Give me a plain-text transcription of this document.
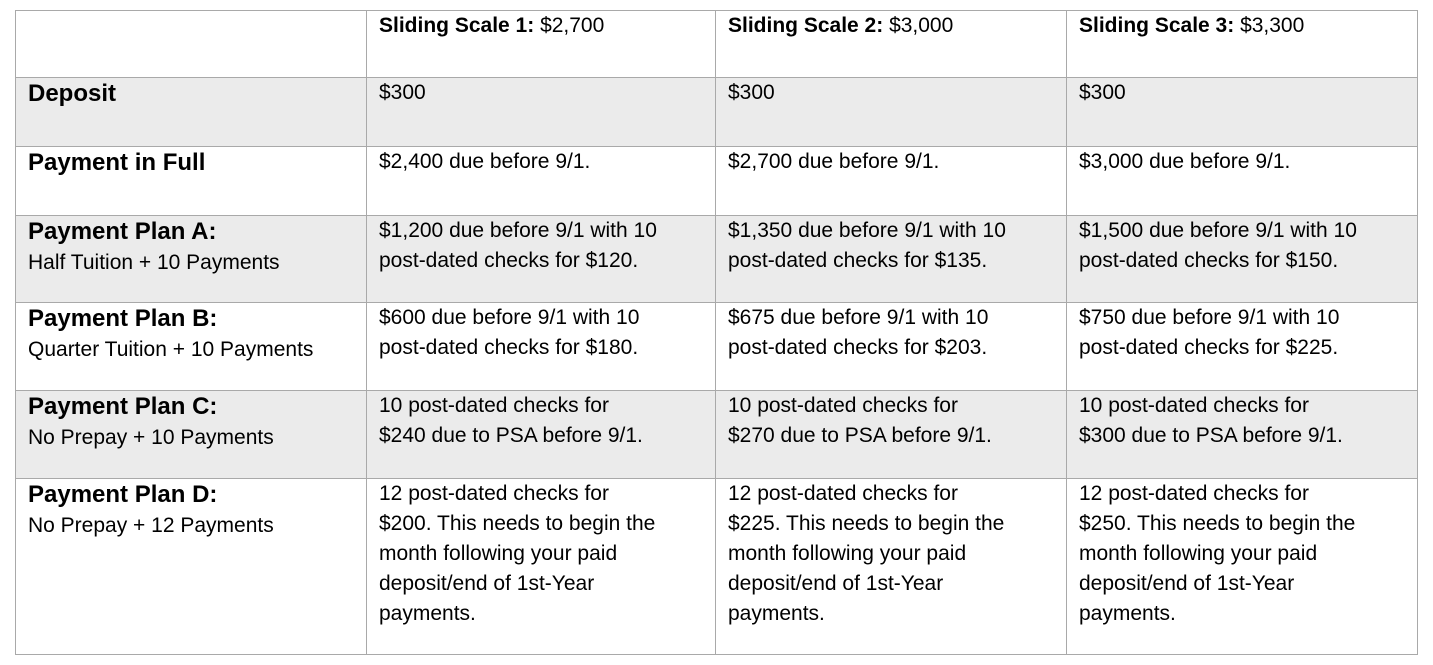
	Sliding Scale 1: $2,700	Sliding Scale 2: $3,000	Sliding Scale 3: $3,300

Deposit	$300	$300	$300

Payment in Full	$2,400 due before 9/1.	$2,700 due before 9/1.	$3,000 due before 9/1.

Payment Plan A:
Half Tuition + 10 Payments	$1,200 due before 9/1 with 10
post-dated checks for $120.	$1,350 due before 9/1 with 10
post-dated checks for $135.	$1,500 due before 9/1 with 10
post-dated checks for $150.

Payment Plan B:
Quarter Tuition + 10 Payments	$600 due before 9/1 with 10
post-dated checks for $180.	$675 due before 9/1 with 10
post-dated checks for $203.	$750 due before 9/1 with 10
post-dated checks for $225.

Payment Plan C:
No Prepay + 10 Payments	10 post-dated checks for
$240 due to PSA before 9/1.	10 post-dated checks for
$270 due to PSA before 9/1.	10 post-dated checks for
$300 due to PSA before 9/1.

Payment Plan D:
No Prepay + 12 Payments	12 post-dated checks for
$200. This needs to begin the
month following your paid
deposit/end of 1st-Year
payments.	12 post-dated checks for
$225. This needs to begin the
month following your paid
deposit/end of 1st-Year
payments.	12 post-dated checks for
$250. This needs to begin the
month following your paid
deposit/end of 1st-Year
payments.
